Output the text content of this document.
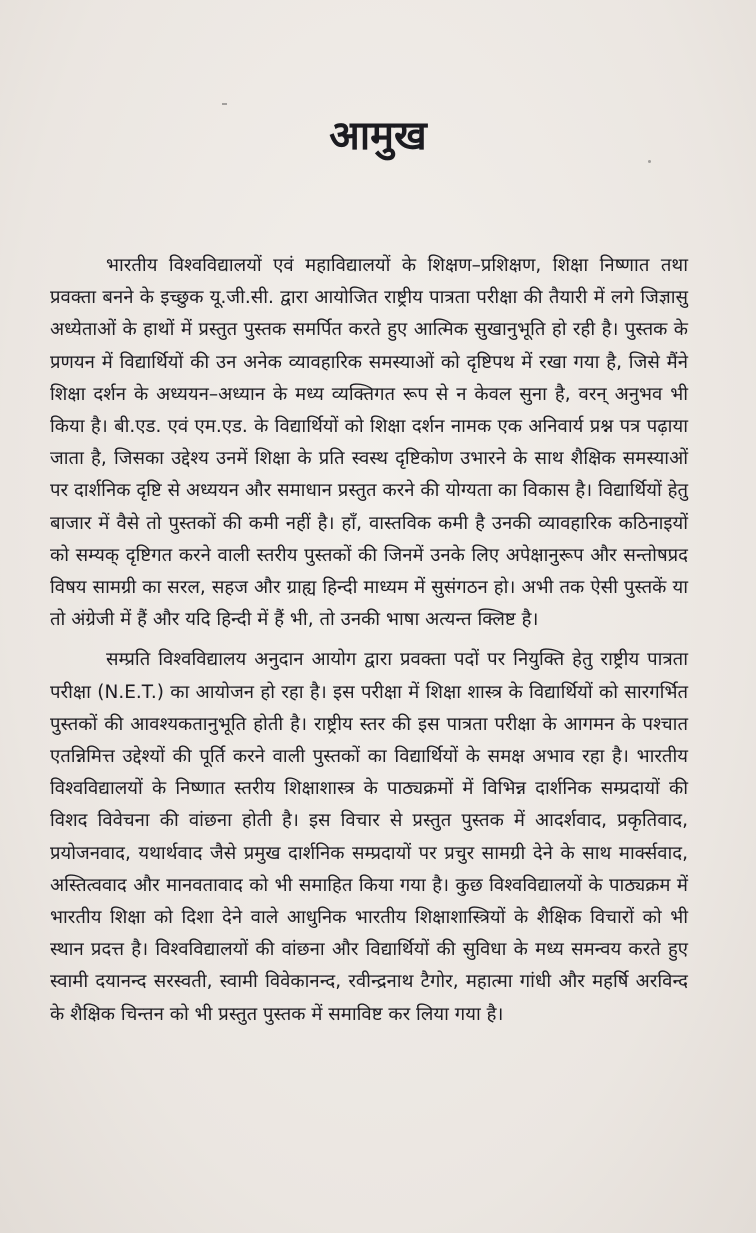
आमुख

भारतीय विश्वविद्यालयों एवं महाविद्यालयों के शिक्षण–प्रशिक्षण, शिक्षा निष्णात तथा प्रवक्ता बनने के इच्छुक यू.जी.सी. द्वारा आयोजित राष्ट्रीय पात्रता परीक्षा की तैयारी में लगे जिज्ञासु अध्येताओं के हाथों में प्रस्तुत पुस्तक समर्पित करते हुए आत्मिक सुखानुभूति हो रही है। पुस्तक के प्रणयन में विद्यार्थियों की उन अनेक व्यावहारिक समस्याओं को दृष्टिपथ में रखा गया है, जिसे मैंने शिक्षा दर्शन के अध्ययन–अध्यान के मध्य व्यक्तिगत रूप से न केवल सुना है, वरन् अनुभव भी किया है। बी.एड. एवं एम.एड. के विद्यार्थियों को शिक्षा दर्शन नामक एक अनिवार्य प्रश्न पत्र पढ़ाया जाता है, जिसका उद्देश्य उनमें शिक्षा के प्रति स्वस्थ दृष्टिकोण उभारने के साथ शैक्षिक समस्याओं पर दार्शनिक दृष्टि से अध्ययन और समाधान प्रस्तुत करने की योग्यता का विकास है। विद्यार्थियों हेतु बाजार में वैसे तो पुस्तकों की कमी नहीं है। हाँ, वास्तविक कमी है उनकी व्यावहारिक कठिनाइयों को सम्यक् दृष्टिगत करने वाली स्तरीय पुस्तकों की जिनमें उनके लिए अपेक्षानुरूप और सन्तोषप्रद विषय सामग्री का सरल, सहज और ग्राह्य हिन्दी माध्यम में सुसंगठन हो। अभी तक ऐसी पुस्तकें या तो अंग्रेजी में हैं और यदि हिन्दी में हैं भी, तो उनकी भाषा अत्यन्त क्लिष्ट है।

सम्प्रति विश्वविद्यालय अनुदान आयोग द्वारा प्रवक्ता पदों पर नियुक्ति हेतु राष्ट्रीय पात्रता परीक्षा (N.E.T.) का आयोजन हो रहा है। इस परीक्षा में शिक्षा शास्त्र के विद्यार्थियों को सारगर्भित पुस्तकों की आवश्यकतानुभूति होती है। राष्ट्रीय स्तर की इस पात्रता परीक्षा के आगमन के पश्चात एतन्निमित्त उद्देश्यों की पूर्ति करने वाली पुस्तकों का विद्यार्थियों के समक्ष अभाव रहा है। भारतीय विश्वविद्यालयों के निष्णात स्तरीय शिक्षाशास्त्र के पाठ्यक्रमों में विभिन्न दार्शनिक सम्प्रदायों की विशद विवेचना की वांछना होती है। इस विचार से प्रस्तुत पुस्तक में आदर्शवाद, प्रकृतिवाद, प्रयोजनवाद, यथार्थवाद जैसे प्रमुख दार्शनिक सम्प्रदायों पर प्रचुर सामग्री देने के साथ मार्क्सवाद, अस्तित्ववाद और मानवतावाद को भी समाहित किया गया है। कुछ विश्वविद्यालयों के पाठ्यक्रम में भारतीय शिक्षा को दिशा देने वाले आधुनिक भारतीय शिक्षाशास्त्रियों के शैक्षिक विचारों को भी स्थान प्रदत्त है। विश्वविद्यालयों की वांछना और विद्यार्थियों की सुविधा के मध्य समन्वय करते हुए स्वामी दयानन्द सरस्वती, स्वामी विवेकानन्द, रवीन्द्रनाथ टैगोर, महात्मा गांधी और महर्षि अरविन्द के शैक्षिक चिन्तन को भी प्रस्तुत पुस्तक में समाविष्ट कर लिया गया है।
